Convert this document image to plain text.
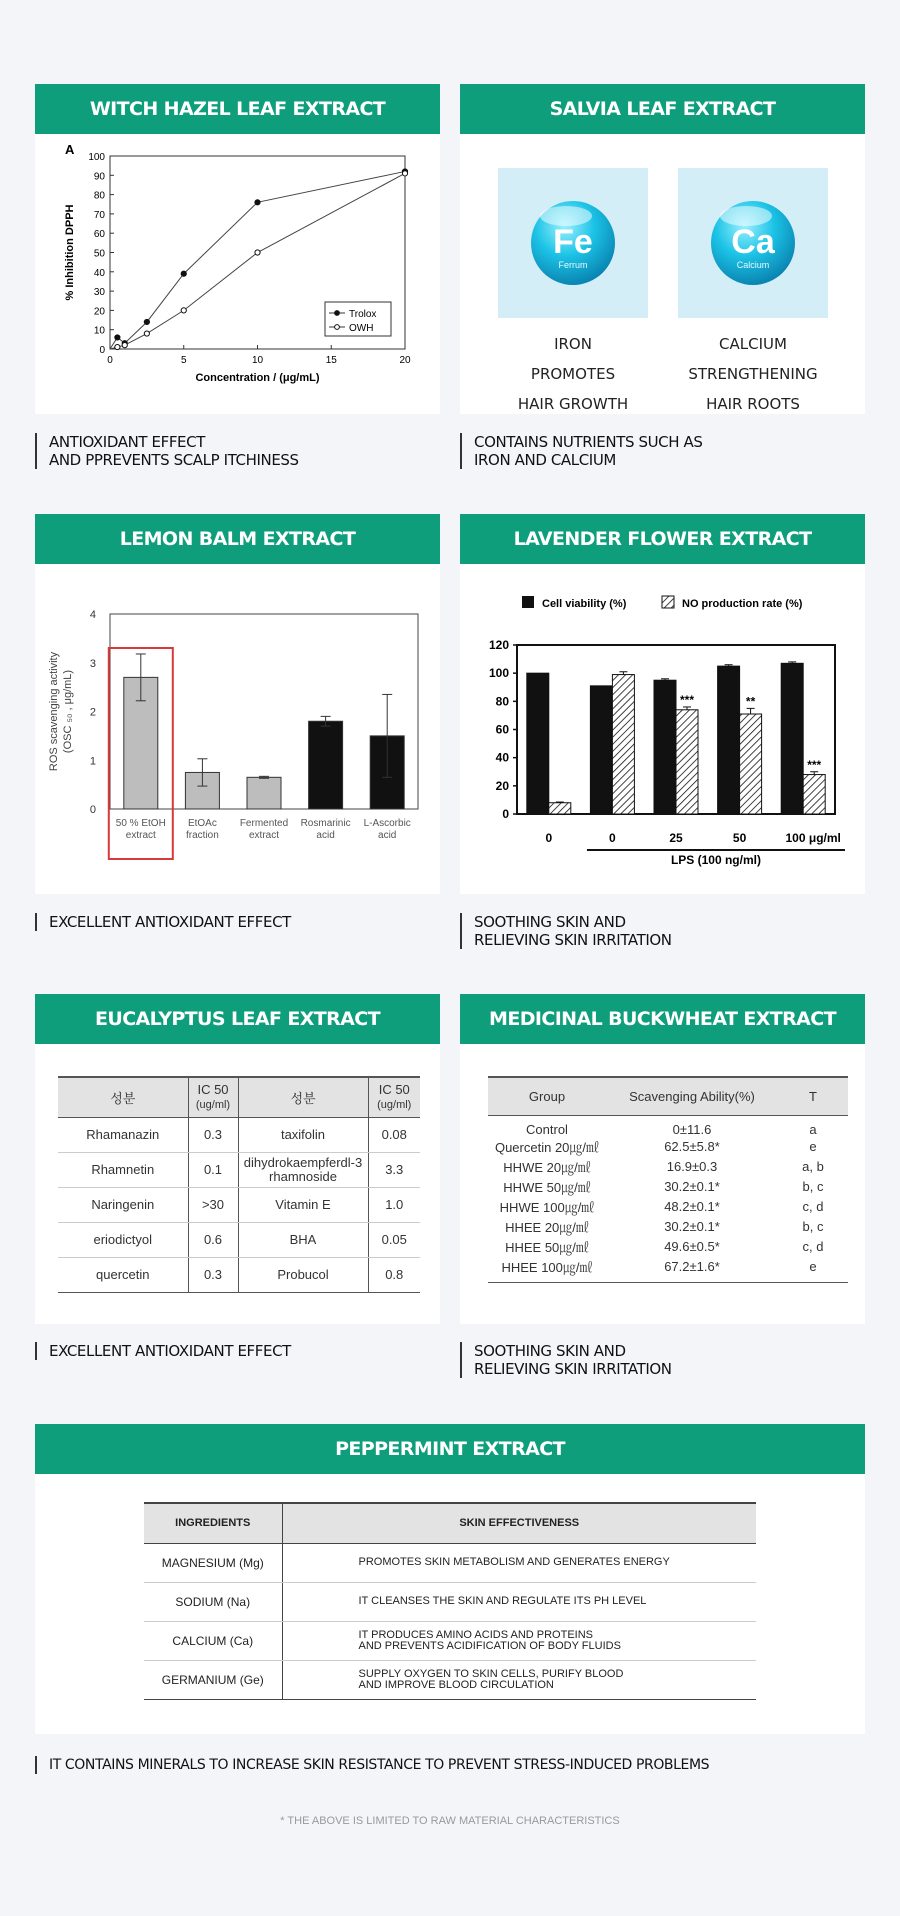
WITCH HAZEL LEAF EXTRACT
A
0
10
20
30
40
50
60
70
80
90
100
0	5	10	15	20
Concentration / (μg/mL)
% Inhibition DPPH
Trolox
OWH
ANTIOXIDANT EFFECT
AND PPREVENTS SCALP ITCHINESS
SALVIA LEAF EXTRACT
Fe
Ferrum
Ca
Calcium
IRON
PROMOTES
HAIR GROWTH
CALCIUM
STRENGTHENING
HAIR ROOTS
CONTAINS NUTRIENTS SUCH AS
IRON AND CALCIUM
LEMON BALM EXTRACT
0
1
2
3
4
ROS scavenging activity (OSC ₅₀ , μg/mL)
50 % EtOH
extract
EtOAc
fraction
Fermented
extract
Rosmarinic
acid
L-Ascorbic
acid
EXCELLENT ANTIOXIDANT EFFECT
LAVENDER FLOWER EXTRACT
Cell viability (%)	NO production rate (%)
0
20
40
60
80
100
120
0	0
***
25
**
50
***
100 μg/ml
LPS (100 ng/ml)
SOOTHING SKIN AND
RELIEVING SKIN IRRITATION
EUCALYPTUS LEAF EXTRACT
성분	IC 50
(ug/ml)	성분	IC 50
(ug/ml)
Rhamanazin	0.3	taxifolin	0.08
Rhamnetin	0.1	dihydrokaempferdl-3
rhamnoside	3.3
Naringenin	>30	Vitamin E	1.0
eriodictyol	0.6	BHA	0.05
quercetin	0.3	Probucol	0.8
EXCELLENT ANTIOXIDANT EFFECT
MEDICINAL BUCKWHEAT EXTRACT
Group	Scavenging Ability(%)	T
Control	0±11.6	a
Quercetin 20㎍/㎖	62.5±5.8*	e
HHWE 20㎍/㎖	16.9±0.3	a, b
HHWE 50㎍/㎖	30.2±0.1*	b, c
HHWE 100㎍/㎖	48.2±0.1*	c, d
HHEE 20㎍/㎖	30.2±0.1*	b, c
HHEE 50㎍/㎖	49.6±0.5*	c, d
HHEE 100㎍/㎖	67.2±1.6*	e
SOOTHING SKIN AND
RELIEVING SKIN IRRITATION
PEPPERMINT EXTRACT
INGREDIENTS	SKIN EFFECTIVENESS
MAGNESIUM (Mg)	PROMOTES SKIN METABOLISM AND GENERATES ENERGY

SODIUM (Na)	IT CLEANSES THE SKIN AND REGULATE ITS PH LEVEL

CALCIUM (Ca)	IT PRODUCES AMINO ACIDS AND PROTEINS
AND PREVENTS ACIDIFICATION OF BODY FLUIDS

GERMANIUM (Ge)	SUPPLY OXYGEN TO SKIN CELLS, PURIFY BLOOD
AND IMPROVE BLOOD CIRCULATION
IT CONTAINS MINERALS TO INCREASE SKIN RESISTANCE TO PREVENT STRESS-INDUCED PROBLEMS
* THE ABOVE IS LIMITED TO RAW MATERIAL CHARACTERISTICS
